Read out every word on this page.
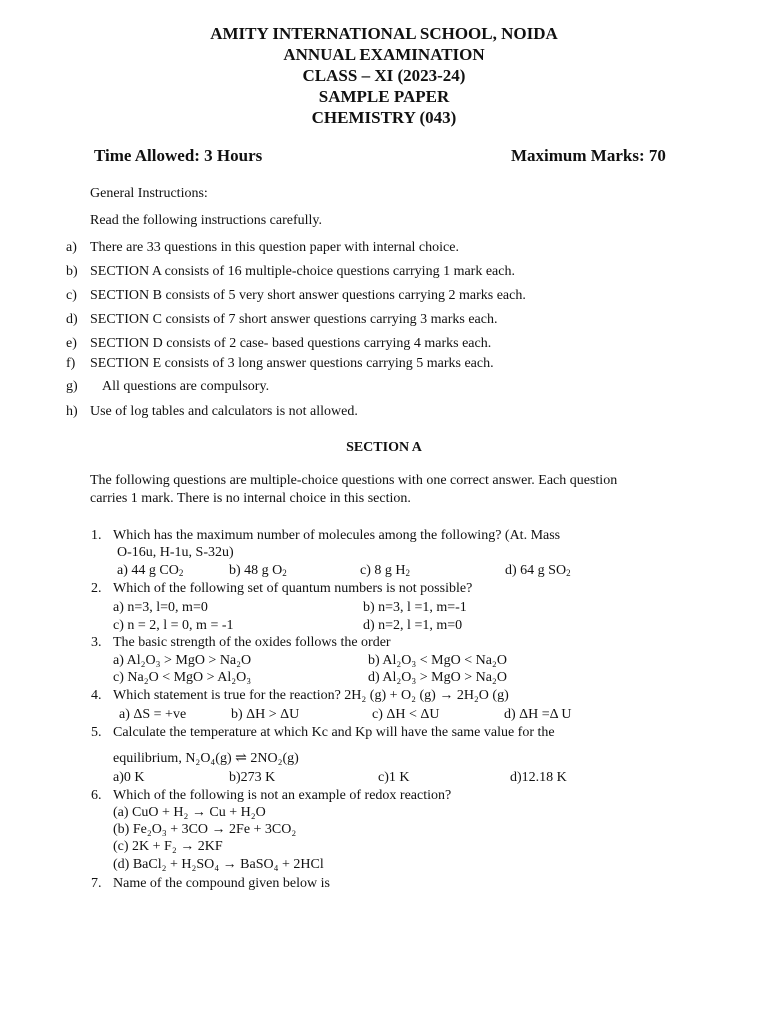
AMITY INTERNATIONAL SCHOOL, NOIDA
ANNUAL EXAMINATION
CLASS – XI (2023-24)
SAMPLE PAPER
CHEMISTRY (043)
Time Allowed: 3 Hours	Maximum Marks: 70
General Instructions:
Read the following instructions carefully.
a) There are 33 questions in this question paper with internal choice.
b) SECTION A consists of 16 multiple-choice questions carrying 1 mark each.
c) SECTION B consists of 5 very short answer questions carrying 2 marks each.
d) SECTION C consists of 7 short answer questions carrying 3 marks each.
e) SECTION D consists of 2 case- based questions carrying 4 marks each.
f)	SECTION E consists of 3 long answer questions carrying 5 marks each.
g)	All questions are compulsory.
h) Use of log tables and calculators is not allowed.
SECTION A
The following questions are multiple-choice questions with one correct answer. Each question
carries 1 mark. There is no internal choice in this section.
1. Which has the maximum number of molecules among the following? (At. Mass
O-16u, H-1u, S-32u)
a) 44 g $CO_2$	b) 48 g $O_2$	c) 8 g $H_2$	d) 64 g $SO_2$
2. Which of the following set of quantum numbers is not possible?
a) n=3, l=0, m=0	b) n=3, l =1, m=-1
c) n = 2, l = 0, m = -1	d) n=2, l =1, m=0
3. The basic strength of the oxides follows the order
a) Al₂O₃ > MgO > Na₂O	b) Al₂O₃ < MgO < Na₂O
c) Na₂O < MgO > Al₂O₃	d) Al₂O₃ > MgO > Na₂O
4. Which statement is true for the reaction? 2H₂ (g) + O₂ (g) → 2H₂O (g)
a) ΔS = +ve	b) ΔH > ΔU	c) ΔH < ΔU	d) ΔH =Δ U
5. Calculate the temperature at which Kc and Kp will have the same value for the
equilibrium, N₂O₄(g) ⇌ 2NO₂(g)
a)0 K	b)273 K	c)1 K	d)12.18 K
6. Which of the following is not an example of redox reaction?
(a) CuO + H₂ → Cu + H₂O
(b) Fe₂O₃ + 3CO → 2Fe + 3CO₂
(c) 2K + F₂ → 2KF
(d) BaCl₂ + H₂SO₄ → BaSO₄ + 2HCl
7. Name of the compound given below is
